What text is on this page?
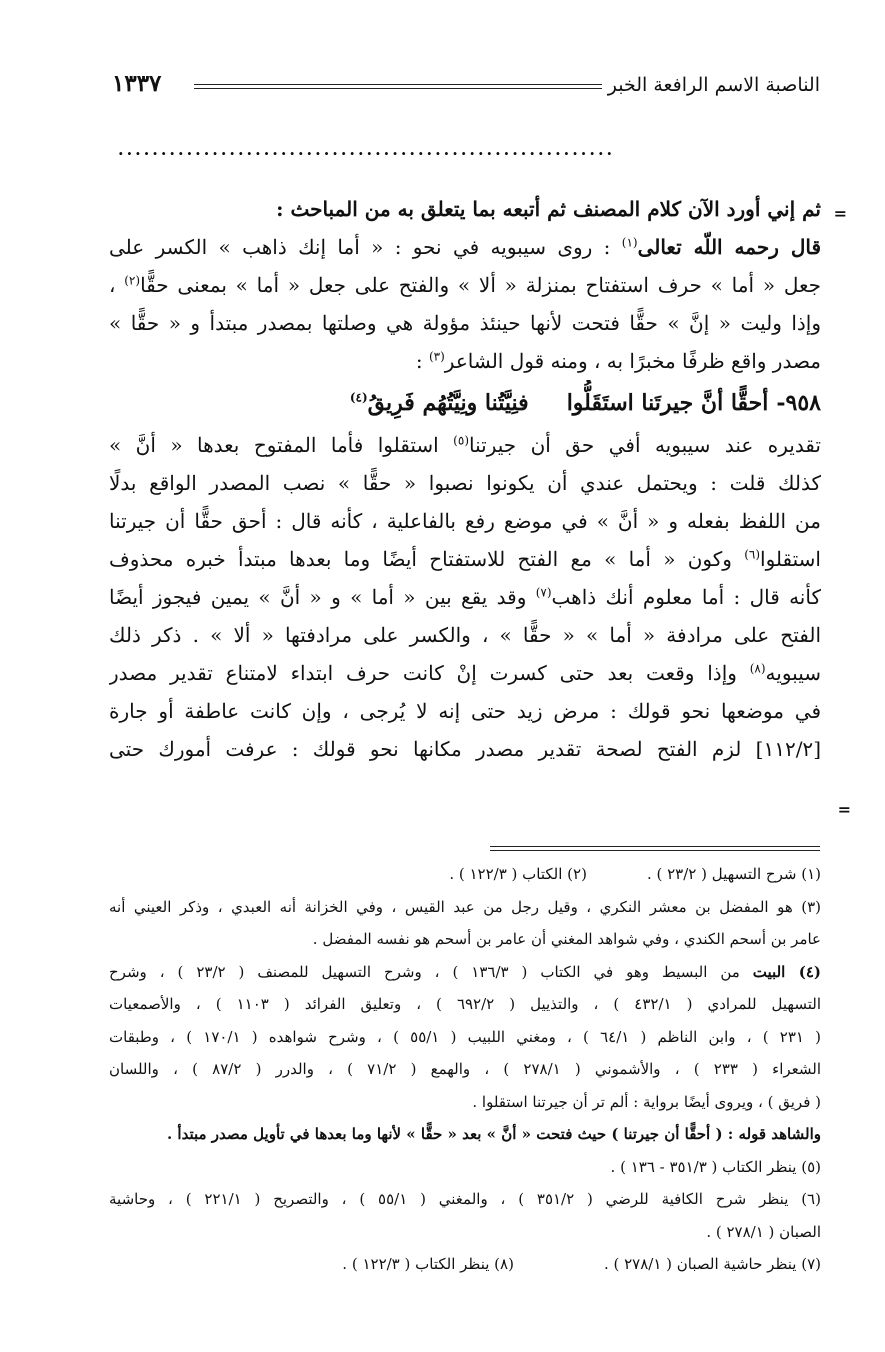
الناصبة الاسم الرافعة الخبر
١٣٣٧
..........................................................
=
=
ثم إني أورد الآن كلام المصنف ثم أتبعه بما يتعلق به من المباحث :
قال رحمه اللّه تعالى$^{(١)}$ : روى سيبويه في نحو : « أما إنك ذاهب » الكسر على
جعل « أما » حرف استفتاح بمنزلة « ألا » والفتح على جعل « أما » بمعنى حقًّا$^{(٢)}$ ،
وإذا وليت « إنَّ » حقًّا فتحت لأنها حينئذ مؤولة هي وصلتها بمصدر مبتدأ و « حقًّا »
مصدر واقع ظرفًا مخبرًا به ، ومنه قول الشاعر$^{(٣)}$ :
٩٥٨-أحقًّا أنَّ جيرتَنا استَقَلُّوافنِيَّتُنا ونِيَّتُهُم فَرِيقُ$^{(٤)}$
تقديره عند سيبويه أفي حق أن جيرتنا$^{(٥)}$ استقلوا فأما المفتوح بعدها « أنَّ »
كذلك قلت : ويحتمل عندي أن يكونوا نصبوا « حقًّا » نصب المصدر الواقع بدلًا
من اللفظ بفعله و « أنَّ » في موضع رفع بالفاعلية ، كأنه قال : أحق حقًّا أن جيرتنا
استقلوا$^{(٦)}$ وكون « أما » مع الفتح للاستفتاح أيضًا وما بعدها مبتدأ خبره محذوف
كأنه قال : أما معلوم أنك ذاهب$^{(٧)}$ وقد يقع بين « أما » و « أنَّ » يمين فيجوز أيضًا
الفتح على مرادفة « أما » « حقًّا » ، والكسر على مرادفتها « ألا » . ذكر ذلك
سيبويه$^{(٨)}$ وإذا وقعت بعد حتى كسرت إنْ كانت حرف ابتداء لامتناع تقدير مصدر
في موضعها نحو قولك : مرض زيد حتى إنه لا يُرجى ، وإن كانت عاطفة أو جارة
[١١٢/٢] لزم الفتح لصحة تقدير مصدر مكانها نحو قولك : عرفت أمورك حتى
(١) شرح التسهيل ( ٢٣/٢ ) .(٢) الكتاب ( ١٢٢/٣ ) .
(٣) هو المفضل بن معشر النكري ، وقيل رجل من عبد القيس ، وفي الخزانة أنه العبدي ، وذكر العيني أنه
عامر بن أسحم الكندي ، وفي شواهد المغني أن عامر بن أسحم هو نفسه المفضل .
(٤) البيت من البسيط وهو في الكتاب ( ١٣٦/٣ ) ، وشرح التسهيل للمصنف ( ٢٣/٢ ) ، وشرح
التسهيل للمرادي ( ٤٣٢/١ ) ، والتذييل ( ٦٩٢/٢ ) ، وتعليق الفرائد ( ١١٠٣ ) ، والأصمعيات
( ٢٣١ ) ، وابن الناظم ( ٦٤/١ ) ، ومغني اللبيب ( ٥٥/١ ) ، وشرح شواهده ( ١٧٠/١ ) ، وطبقات
الشعراء ( ٢٣٣ ) ، والأشموني ( ٢٧٨/١ ) ، والهمع ( ٧١/٢ ) ، والدرر ( ٨٧/٢ ) ، واللسان
( فريق ) ، ويروى أيضًا برواية : ألم تر أن جيرتنا استقلوا .
والشاهد قوله : ( أحقًّا أن جيرتنا ) حيث فتحت « أنَّ » بعد « حقًّا » لأنها وما بعدها في تأويل مصدر مبتدأ .
(٥) ينظر الكتاب ( ٣٥١/٣ - ١٣٦ ) .
(٦) ينظر شرح الكافية للرضي ( ٣٥١/٢ ) ، والمغني ( ٥٥/١ ) ، والتصريح ( ٢٢١/١ ) ، وحاشية
الصبان ( ٢٧٨/١ ) .
(٧) ينظر حاشية الصبان ( ٢٧٨/١ ) .(٨) ينظر الكتاب ( ١٢٢/٣ ) .
